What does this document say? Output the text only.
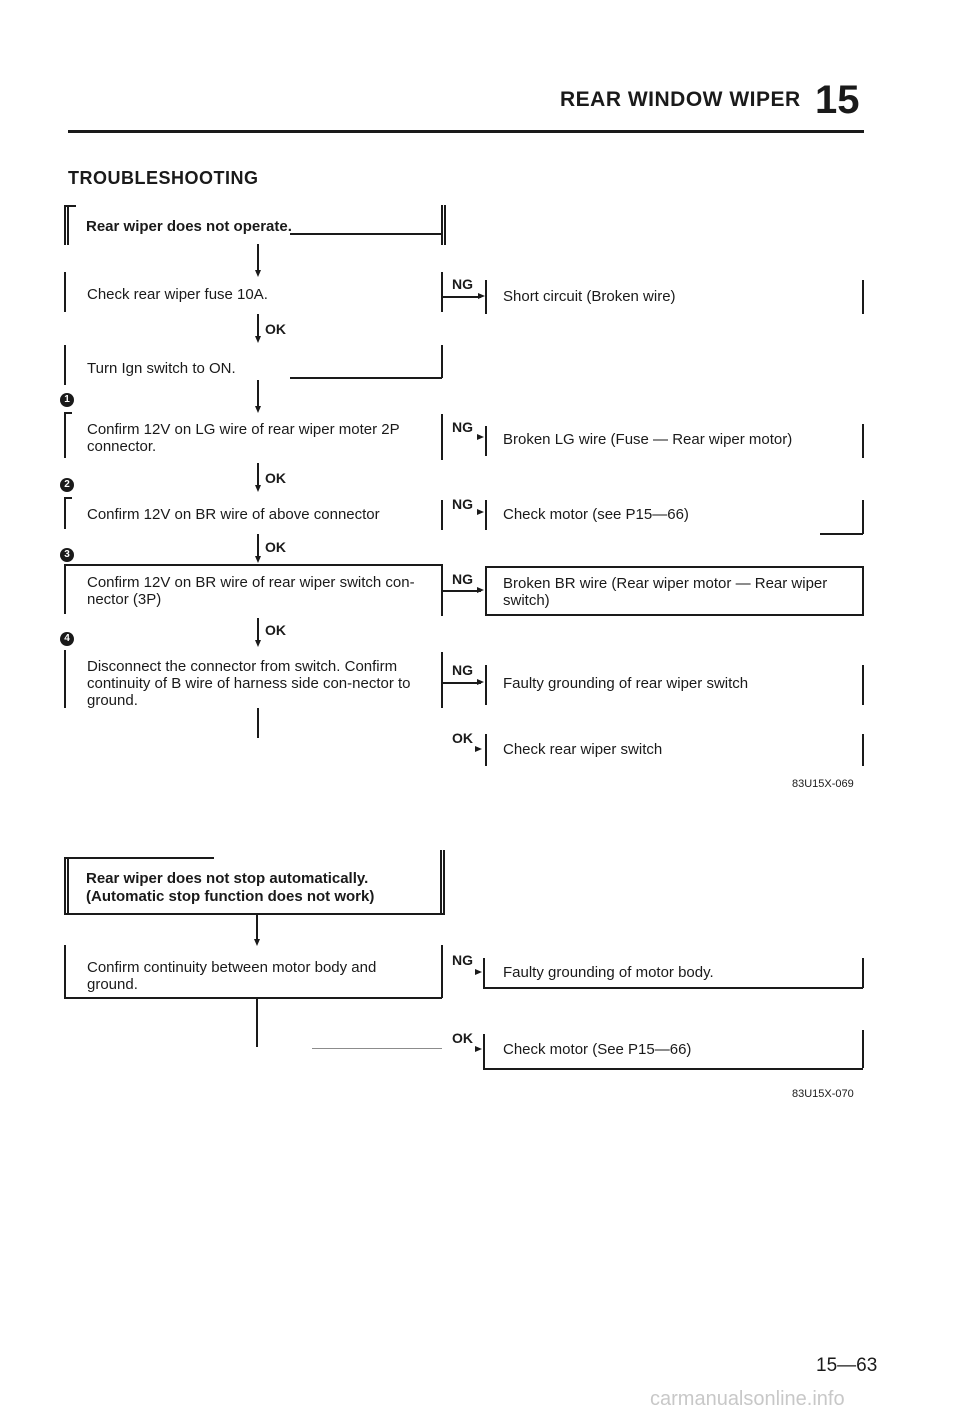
REAR WINDOW WIPER 15
TROUBLESHOOTING
Rear wiper does not operate.
Check rear wiper fuse 10A.
NG
Short circuit (Broken wire)
OK
Turn Ign switch to ON.
1
Confirm 12V on LG wire of rear wiper moter 2P connector.
NG
Broken LG wire (Fuse — Rear wiper motor)
OK
2
Confirm 12V on BR wire of above connector
NG
Check motor (see P15—66)
OK
3
Confirm 12V on BR wire of rear wiper switch con-nector (3P)
NG Broken BR wire (Rear wiper motor — Rear wiper switch)
OK
4
Disconnect the connector from switch. Confirm continuity of B wire of harness side con-nector to ground.
NG
Faulty grounding of rear wiper switch
OK
Check rear wiper switch
83U15X-069
Rear wiper does not stop automatically.
(Automatic stop function does not work)
Confirm continuity between motor body and ground.
NG
Faulty grounding of motor body.
OK
Check motor (See P15—66)
83U15X-070
15—63
carmanualsonline.info
